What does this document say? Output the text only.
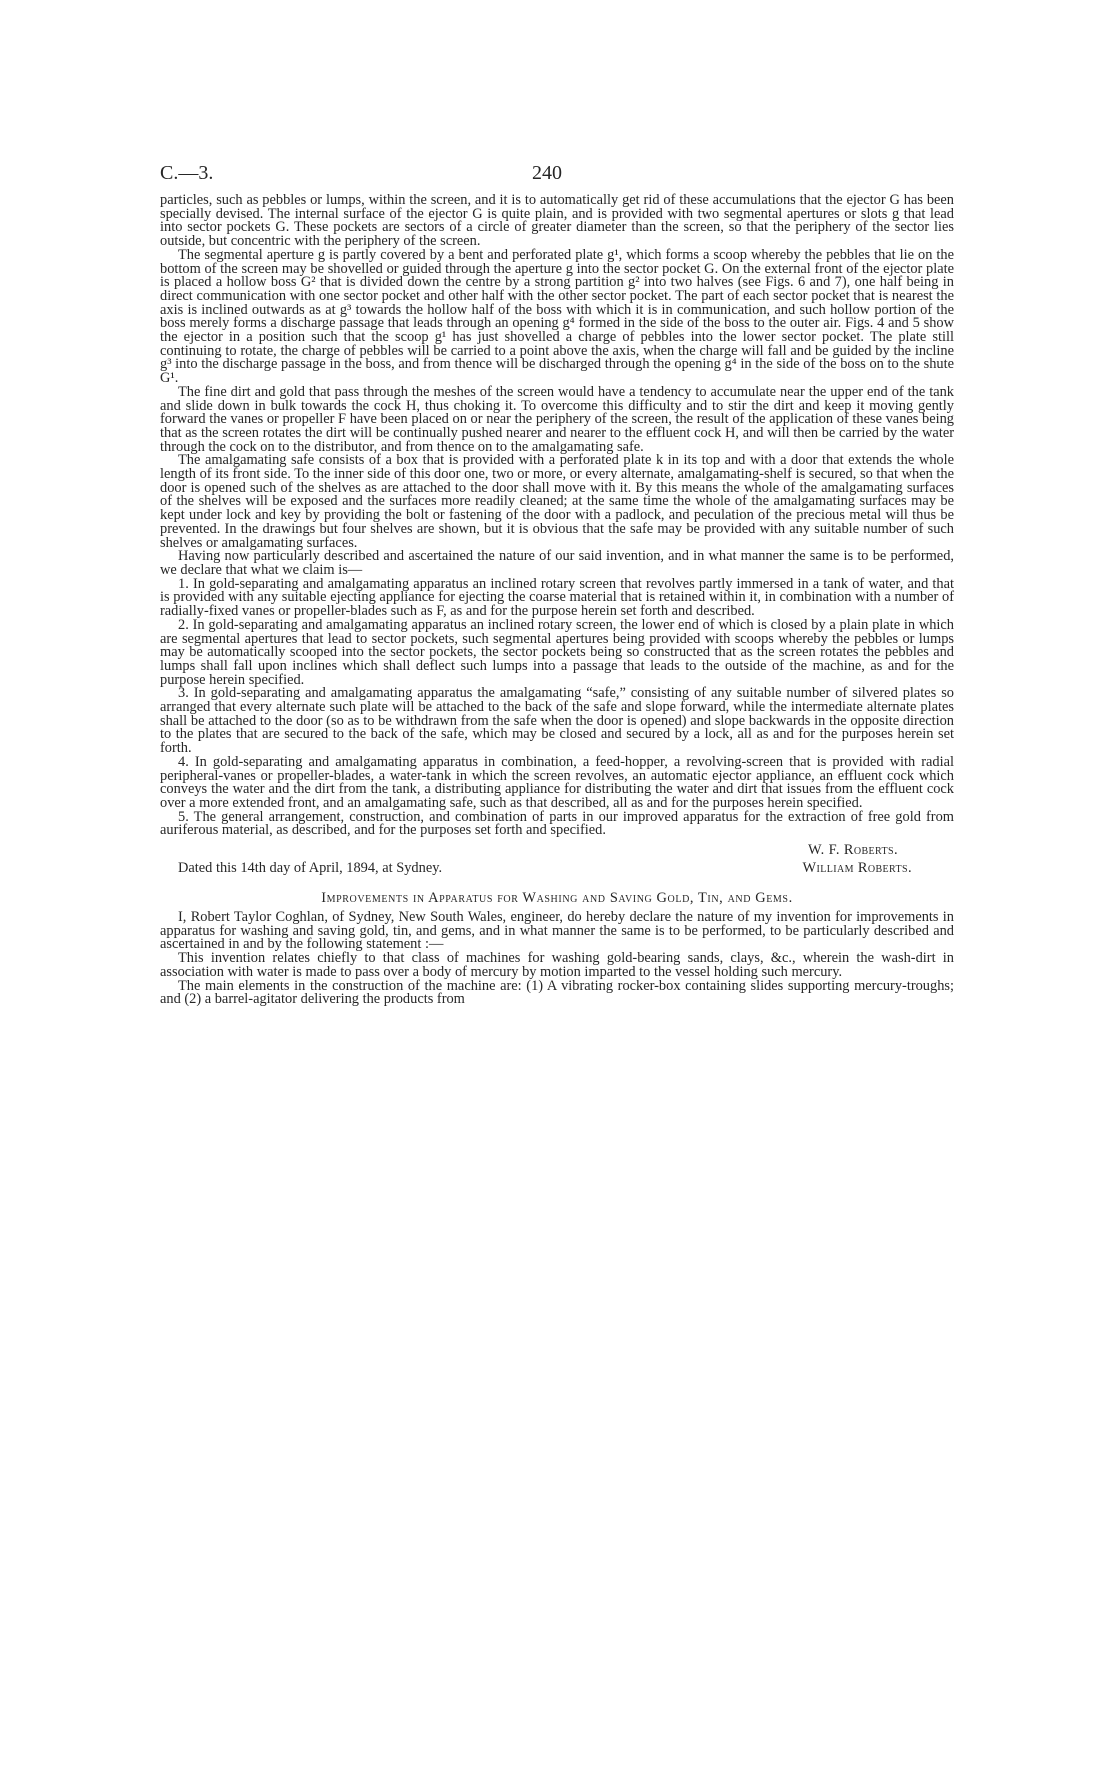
C.—3.	240

particles, such as pebbles or lumps, within the screen, and it is to automatically get rid of these accumulations that the ejector G has been specially devised. The internal surface of the ejector G is quite plain, and is provided with two segmental apertures or slots g that lead into sector pockets G. These pockets are sectors of a circle of greater diameter than the screen, so that the periphery of the sector lies outside, but concentric with the periphery of the screen.

The segmental aperture g is partly covered by a bent and perforated plate g¹, which forms a scoop whereby the pebbles that lie on the bottom of the screen may be shovelled or guided through the aperture g into the sector pocket G. On the external front of the ejector plate is placed a hollow boss G² that is divided down the centre by a strong partition g² into two halves (see Figs. 6 and 7), one half being in direct communication with one sector pocket and other half with the other sector pocket. The part of each sector pocket that is nearest the axis is inclined outwards as at g³ towards the hollow half of the boss with which it is in communication, and such hollow portion of the boss merely forms a discharge passage that leads through an opening g⁴ formed in the side of the boss to the outer air. Figs. 4 and 5 show the ejector in a position such that the scoop g¹ has just shovelled a charge of pebbles into the lower sector pocket. The plate still continuing to rotate, the charge of pebbles will be carried to a point above the axis, when the charge will fall and be guided by the incline g³ into the discharge passage in the boss, and from thence will be discharged through the opening g⁴ in the side of the boss on to the shute G¹.

The fine dirt and gold that pass through the meshes of the screen would have a tendency to accumulate near the upper end of the tank and slide down in bulk towards the cock H, thus choking it. To overcome this difficulty and to stir the dirt and keep it moving gently forward the vanes or propeller F have been placed on or near the periphery of the screen, the result of the application of these vanes being that as the screen rotates the dirt will be continually pushed nearer and nearer to the effluent cock H, and will then be carried by the water through the cock on to the distributor, and from thence on to the amalgamating safe.

The amalgamating safe consists of a box that is provided with a perforated plate k in its top and with a door that extends the whole length of its front side. To the inner side of this door one, two or more, or every alternate, amalgamating-shelf is secured, so that when the door is opened such of the shelves as are attached to the door shall move with it. By this means the whole of the amalgamating surfaces of the shelves will be exposed and the surfaces more readily cleaned; at the same time the whole of the amalgamating surfaces may be kept under lock and key by providing the bolt or fastening of the door with a padlock, and peculation of the precious metal will thus be prevented. In the drawings but four shelves are shown, but it is obvious that the safe may be provided with any suitable number of such shelves or amalgamating surfaces.

Having now particularly described and ascertained the nature of our said invention, and in what manner the same is to be performed, we declare that what we claim is—

1. In gold-separating and amalgamating apparatus an inclined rotary screen that revolves partly immersed in a tank of water, and that is provided with any suitable ejecting appliance for ejecting the coarse material that is retained within it, in combination with a number of radially-fixed vanes or propeller-blades such as F, as and for the purpose herein set forth and described.

2. In gold-separating and amalgamating apparatus an inclined rotary screen, the lower end of which is closed by a plain plate in which are segmental apertures that lead to sector pockets, such segmental apertures being provided with scoops whereby the pebbles or lumps may be automatically scooped into the sector pockets, the sector pockets being so constructed that as the screen rotates the pebbles and lumps shall fall upon inclines which shall deflect such lumps into a passage that leads to the outside of the machine, as and for the purpose herein specified.

3. In gold-separating and amalgamating apparatus the amalgamating “safe,” consisting of any suitable number of silvered plates so arranged that every alternate such plate will be attached to the back of the safe and slope forward, while the intermediate alternate plates shall be attached to the door (so as to be withdrawn from the safe when the door is opened) and slope backwards in the opposite direction to the plates that are secured to the back of the safe, which may be closed and secured by a lock, all as and for the purposes herein set forth.

4. In gold-separating and amalgamating apparatus in combination, a feed-hopper, a revolving-screen that is provided with radial peripheral-vanes or propeller-blades, a water-tank in which the screen revolves, an automatic ejector appliance, an effluent cock which conveys the water and the dirt from the tank, a distributing appliance for distributing the water and dirt that issues from the effluent cock over a more extended front, and an amalgamating safe, such as that described, all as and for the purposes herein specified.

5. The general arrangement, construction, and combination of parts in our improved apparatus for the extraction of free gold from auriferous material, as described, and for the purposes set forth and specified.

W. F. Roberts.
Dated this 14th day of April, 1894, at Sydney.	William Roberts.
Improvements in Apparatus for Washing and Saving Gold, Tin, and Gems.

I, Robert Taylor Coghlan, of Sydney, New South Wales, engineer, do hereby declare the nature of my invention for improvements in apparatus for washing and saving gold, tin, and gems, and in what manner the same is to be performed, to be particularly described and ascertained in and by the following statement :—

This invention relates chiefly to that class of machines for washing gold-bearing sands, clays, &c., wherein the wash-dirt in association with water is made to pass over a body of mercury by motion imparted to the vessel holding such mercury.

The main elements in the construction of the machine are: (1) A vibrating rocker-box containing slides supporting mercury-troughs; and (2) a barrel-agitator delivering the products from
